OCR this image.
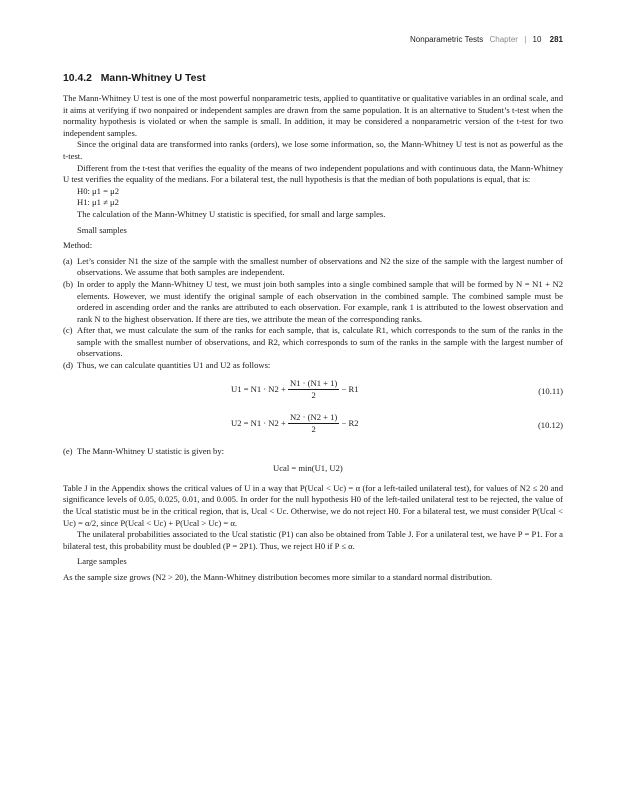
Nonparametric Tests Chapter | 10 281
10.4.2 Mann-Whitney U Test

The Mann-Whitney U test is one of the most powerful nonparametric tests, applied to quantitative or qualitative variables in an ordinal scale, and it aims at verifying if two nonpaired or independent samples are drawn from the same population. It is an alternative to Student’s t-test when the normality hypothesis is violated or when the sample is small. In addition, it may be considered a nonparametric version of the t-test for two independent samples.

Since the original data are transformed into ranks (orders), we lose some information, so, the Mann-Whitney U test is not as powerful as the t-test.

Different from the t-test that verifies the equality of the means of two independent populations and with continuous data, the Mann-Whitney U test verifies the equality of the medians. For a bilateral test, the null hypothesis is that the median of both populations is equal, that is:

H0: μ1 = μ2

H1: μ1 ≠ μ2

The calculation of the Mann-Whitney U statistic is specified, for small and large samples.

Small samples

Method:

(a) Let’s consider N1 the size of the sample with the smallest number of observations and N2 the size of the sample with the largest number of observations. We assume that both samples are independent.
(b) In order to apply the Mann-Whitney U test, we must join both samples into a single combined sample that will be formed by N = N1 + N2 elements. However, we must identify the original sample of each observation in the combined sample. The combined sample must be ordered in ascending order and the ranks are attributed to each observation. For example, rank 1 is attributed to the lowest observation and rank N to the highest observation. If there are ties, we attribute the mean of the corresponding ranks.
(c) After that, we must calculate the sum of the ranks for each sample, that is, calculate R1, which corresponds to the sum of the ranks in the sample with the smallest number of observations, and R2, which corresponds to sum of the ranks in the sample with the largest number of observations.
(d) Thus, we can calculate quantities U1 and U2 as follows:
$U1 = N1 \cdot N2 + \frac{N1 \cdot (N1 + 1)}{2} - R1$	(10.11)
$U2 = N1 \cdot N2 + \frac{N2 \cdot (N2 + 1)}{2} - R2$	(10.12)
(e) The Mann-Whitney U statistic is given by:
Ucal = min(U1, U2)

Table J in the Appendix shows the critical values of U in a way that P(Ucal < Uc) = α (for a left-tailed unilateral test), for values of N2 ≤ 20 and significance levels of 0.05, 0.025, 0.01, and 0.005. In order for the null hypothesis H0 of the left-tailed unilateral test to be rejected, the value of the Ucal statistic must be in the critical region, that is, Ucal < Uc. Otherwise, we do not reject H0. For a bilateral test, we must consider P(Ucal < Uc) = α/2, since P(Ucal < Uc) + P(Ucal > Uc) = α.

The unilateral probabilities associated to the Ucal statistic (P1) can also be obtained from Table J. For a unilateral test, we have P = P1. For a bilateral test, this probability must be doubled (P = 2P1). Thus, we reject H0 if P ≤ α.

Large samples

As the sample size grows (N2 > 20), the Mann-Whitney distribution becomes more similar to a standard normal distribution.
